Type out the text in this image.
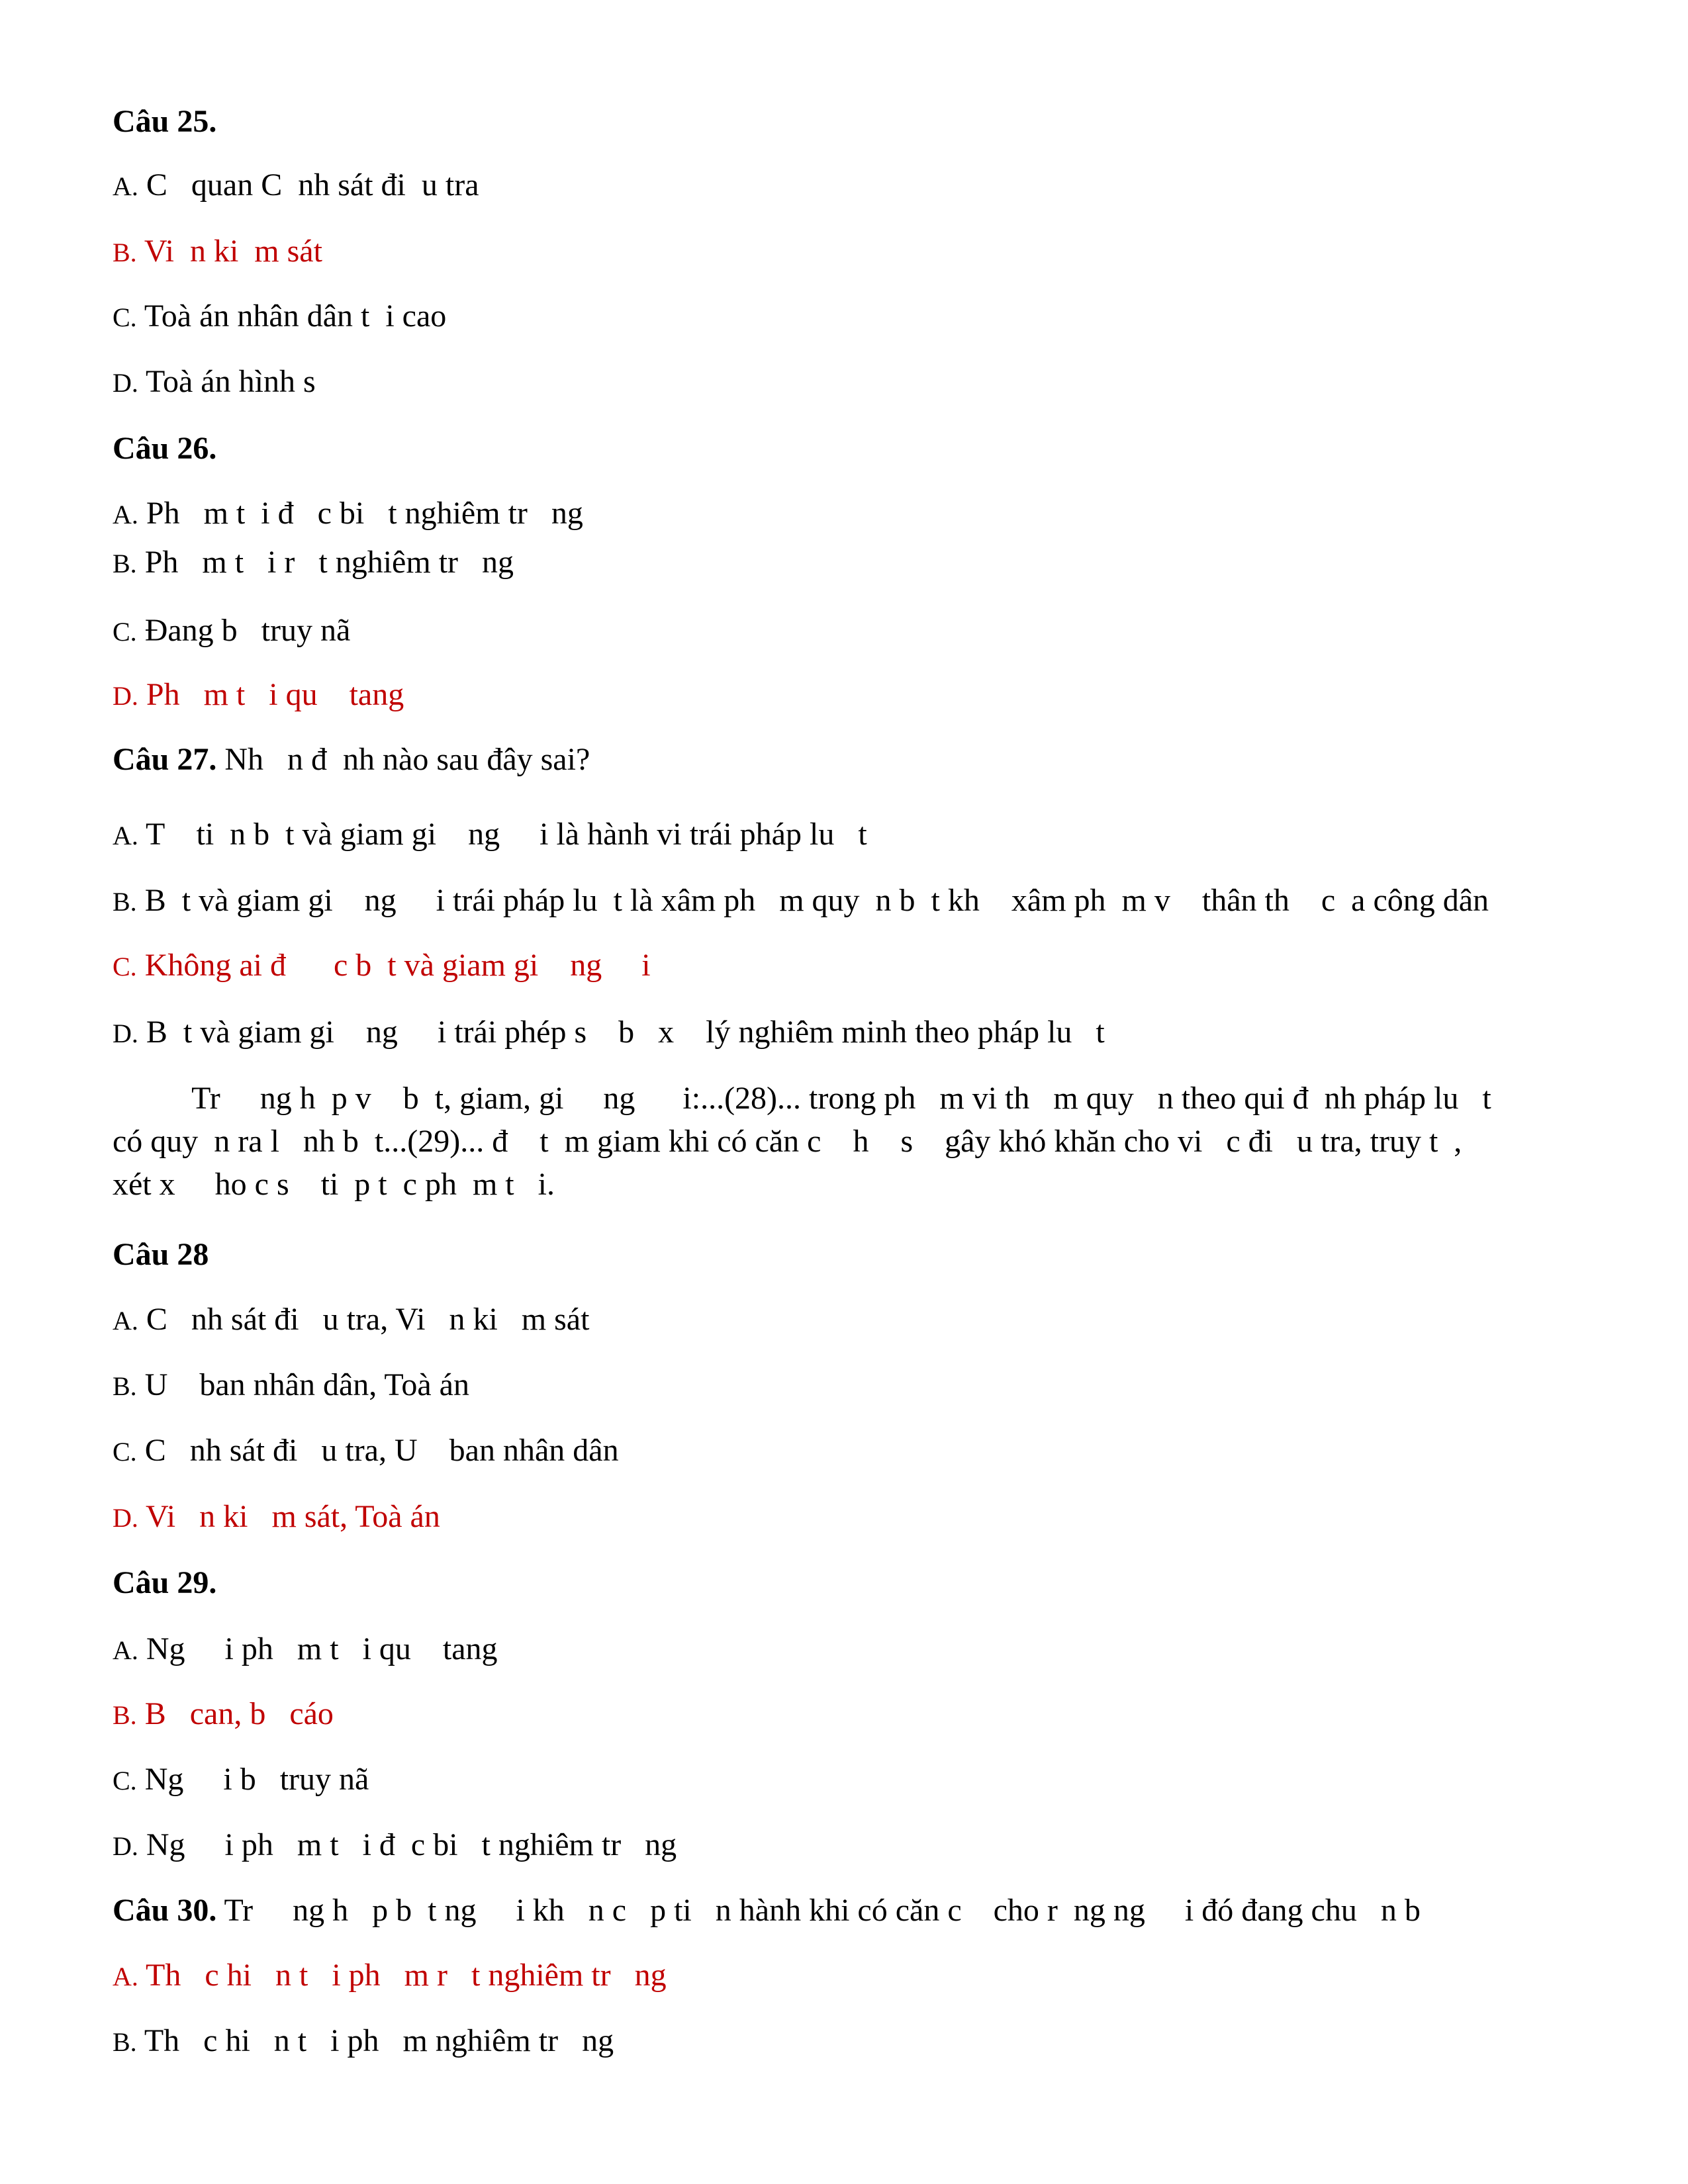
Câu 25.
A. C   quan C  nh sát đi  u tra
B. Vi  n ki  m sát
C. Toà án nhân dân t  i cao
D. Toà án hình s
Câu 26.
A. Ph   m t  i đ   c bi   t nghiêm tr   ng
B. Ph   m t   i r   t nghiêm tr   ng
C. Đang b   truy nã
D. Ph   m t   i qu    tang
Câu 27. Nh   n đ  nh nào sau đây sai?
A. T    ti  n b  t và giam gi    ng     i là hành vi trái pháp lu   t
B. B  t và giam gi    ng     i trái pháp lu  t là xâm ph   m quy  n b  t kh    xâm ph  m v    thân th    c  a công dân
C. Không ai đ      c b  t và giam gi    ng     i
D. B  t và giam gi    ng     i trái phép s    b   x    lý nghiêm minh theo pháp lu   t
Tr     ng h  p v    b  t, giam, gi     ng      i:...(28)... trong ph   m vi th   m quy   n theo qui đ  nh pháp lu   t
có quy  n ra l   nh b  t...(29)... đ    t  m giam khi có căn c    h    s    gây khó khăn cho vi   c đi   u tra, truy t  ,
xét x     ho c s    ti  p t  c ph  m t   i.
Câu 28
A. C   nh sát đi   u tra, Vi   n ki   m sát
B. U    ban nhân dân, Toà án
C. C   nh sát đi   u tra, U    ban nhân dân
D. Vi   n ki   m sát, Toà án
Câu 29.
A. Ng     i ph   m t   i qu    tang
B. B   can, b   cáo
C. Ng     i b   truy nã
D. Ng     i ph   m t   i đ  c bi   t nghiêm tr   ng
Câu 30. Tr     ng h   p b  t ng     i kh   n c   p ti   n hành khi có căn c    cho r  ng ng     i đó đang chu   n b
A. Th   c hi   n t   i ph   m r   t nghiêm tr   ng
B. Th   c hi   n t   i ph   m nghiêm tr   ng
